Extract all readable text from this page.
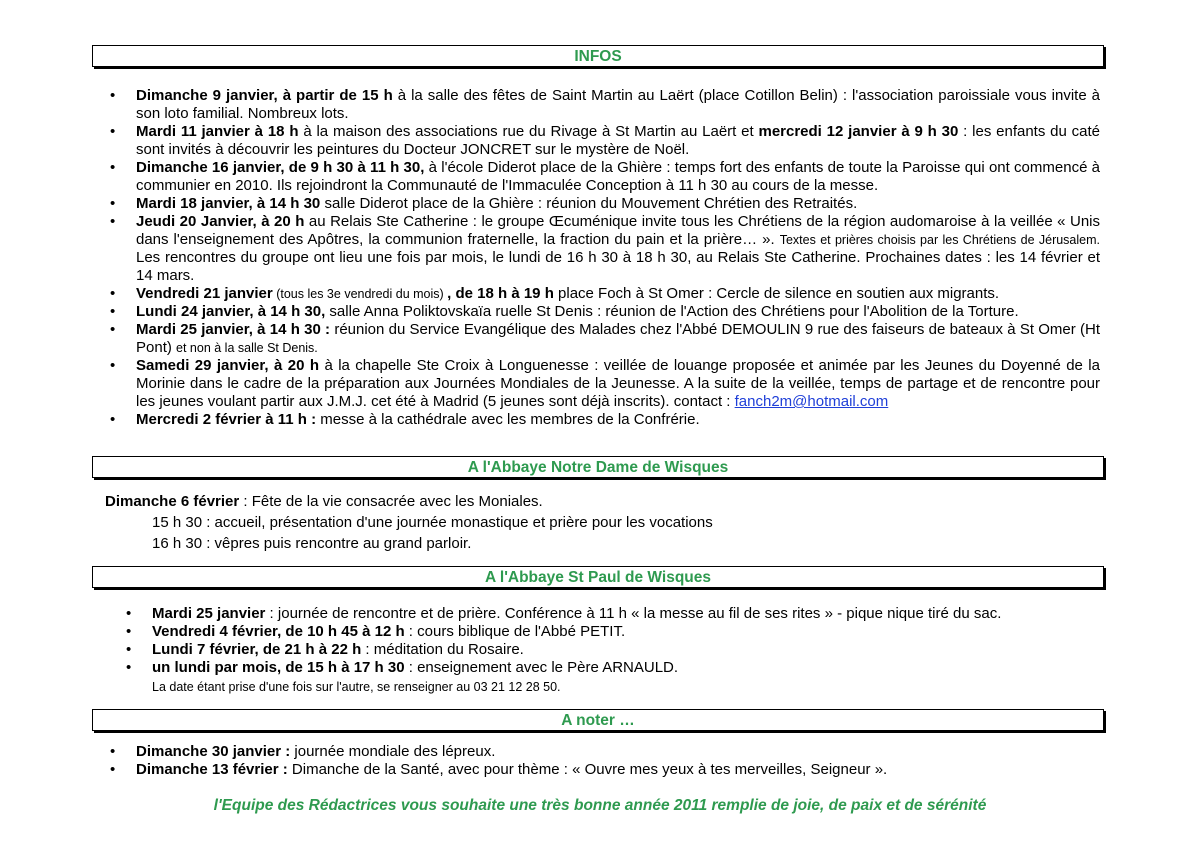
INFOS
• Dimanche 9 janvier, à partir de 15 h à la salle des fêtes de Saint Martin au Laërt (place Cotillon Belin) : l'association paroissiale vous invite à son loto familial. Nombreux lots.
• Mardi 11 janvier à 18 h à la maison des associations rue du Rivage à St Martin au Laërt et mercredi 12 janvier à 9 h 30 : les enfants du caté sont invités à découvrir les peintures du Docteur JONCRET sur le mystère de Noël.
• Dimanche 16 janvier, de 9 h 30 à 11 h 30, à l'école Diderot place de la Ghière : temps fort des enfants de toute la Paroisse qui ont commencé à communier en 2010. Ils rejoindront la Communauté de l'Immaculée Conception à 11 h 30 au cours de la messe.
• Mardi 18 janvier, à 14 h 30 salle Diderot place de la Ghière : réunion du Mouvement Chrétien des Retraités.
• Jeudi 20 Janvier, à 20 h au Relais Ste Catherine : le groupe Œcuménique invite tous les Chrétiens de la région audomaroise à la veillée « Unis dans l'enseignement des Apôtres, la communion fraternelle, la fraction du pain et la prière… ». Textes et prières choisis par les Chrétiens de Jérusalem. Les rencontres du groupe ont lieu une fois par mois, le lundi de 16 h 30 à 18 h 30, au Relais Ste Catherine. Prochaines dates : les 14 février et 14 mars.
• Vendredi 21 janvier (tous les 3e vendredi du mois) , de 18 h à 19 h place Foch à St Omer : Cercle de silence en soutien aux migrants.
• Lundi 24 janvier, à 14 h 30, salle Anna Poliktovskaïa ruelle St Denis : réunion de l'Action des Chrétiens pour l'Abolition de la Torture.
• Mardi 25 janvier, à 14 h 30 : réunion du Service Evangélique des Malades chez l'Abbé DEMOULIN 9 rue des faiseurs de bateaux à St Omer (Ht Pont) et non à la salle St Denis.
• Samedi 29 janvier, à 20 h à la chapelle Ste Croix à Longuenesse : veillée de louange proposée et animée par les Jeunes du Doyenné de la Morinie dans le cadre de la préparation aux Journées Mondiales de la Jeunesse. A la suite de la veillée, temps de partage et de rencontre pour les jeunes voulant partir aux J.M.J. cet été à Madrid (5 jeunes sont déjà inscrits). contact : fanch2m@hotmail.com
• Mercredi 2 février à 11 h : messe à la cathédrale avec les membres de la Confrérie.
A l'Abbaye Notre Dame de Wisques
Dimanche 6 février : Fête de la vie consacrée avec les Moniales.
15 h 30 : accueil, présentation d'une journée monastique et prière pour les vocations
16 h 30 : vêpres puis rencontre au grand parloir.
A l'Abbaye St Paul de Wisques
• Mardi 25 janvier : journée de rencontre et de prière. Conférence à 11 h « la messe au fil de ses rites » - pique nique tiré du sac.
• Vendredi 4 février, de 10 h 45 à 12 h : cours biblique de l'Abbé PETIT.
• Lundi 7 février, de 21 h à 22 h : méditation du Rosaire.
• un lundi par mois, de 15 h à 17 h 30 : enseignement avec le Père ARNAULD.
La date étant prise d'une fois sur l'autre, se renseigner au 03 21 12 28 50.
A noter …
• Dimanche 30 janvier : journée mondiale des lépreux.
• Dimanche 13 février : Dimanche de la Santé, avec pour thème : « Ouvre mes yeux à tes merveilles, Seigneur ».
l'Equipe des Rédactrices vous souhaite une très bonne année 2011 remplie de joie, de paix et de sérénité
